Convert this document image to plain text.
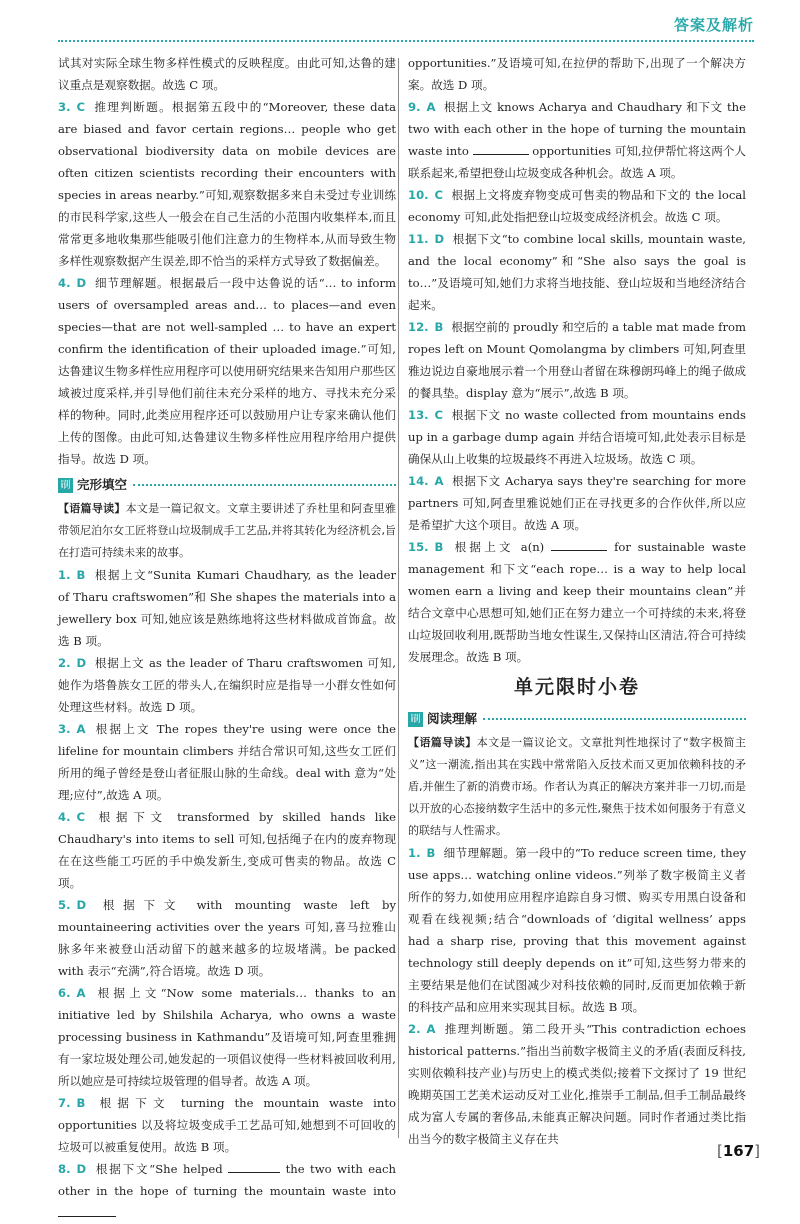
答案及解析

试其对实际全球生物多样性模式的反映程度。由此可知,达鲁的建议重点是观察数据。故选 C 项。

3. C 推理判断题。根据第五段中的“Moreover, these data are biased and favor certain regions… people who get observational biodiversity data on mobile devices are often citizen scientists recording their encounters with species in areas nearby.”可知,观察数据多来自未受过专业训练的市民科学家,这些人一般会在自己生活的小范围内收集样本,而且常常更多地收集那些能吸引他们注意力的生物样本,从而导致生物多样性观察数据产生误差,即不恰当的采样方式导致了数据偏差。

4. D 细节理解题。根据最后一段中达鲁说的话“… to inform users of oversampled areas and… to places—and even species—that are not well-sampled … to have an expert confirm the identification of their uploaded image.”可知,达鲁建议生物多样性应用程序可以使用研究结果来告知用户那些区域被过度采样,并引导他们前往未充分采样的地方、寻找未充分采样的物种。同时,此类应用程序还可以鼓励用户让专家来确认他们上传的图像。由此可知,达鲁建议生物多样性应用程序给用户提供指导。故选 D 项。

刷 完形填空

【语篇导读】本文是一篇记叙文。文章主要讲述了乔杜里和阿查里雅带领尼泊尔女工匠将登山垃圾制成手工艺品,并将其转化为经济机会,旨在打造可持续未来的故事。

1. B 根据上文“Sunita Kumari Chaudhary, as the leader of Tharu craftswomen”和 She shapes the materials into a jewellery box 可知,她应该是熟练地将这些材料做成首饰盒。故选 B 项。

2. D 根据上文 as the leader of Tharu craftswomen 可知,她作为塔鲁族女工匠的带头人,在编织时应是指导一小群女性如何处理这些材料。故选 D 项。

3. A 根据上文 The ropes they're using were once the lifeline for mountain climbers 并结合常识可知,这些女工匠们所用的绳子曾经是登山者征服山脉的生命线。deal with 意为“处理;应付”,故选 A 项。

4. C 根据下文 transformed by skilled hands like Chaudhary's into items to sell 可知,包括绳子在内的废弃物现在在这些能工巧匠的手中焕发新生,变成可售卖的物品。故选 C 项。

5. D 根据下文 with mounting waste left by mountaineering activities over the years 可知,喜马拉雅山脉多年来被登山活动留下的越来越多的垃圾堵满。be packed with 表示“充满”,符合语境。故选 D 项。

6. A 根据上文“Now some materials… thanks to an initiative led by Shilshila Acharya, who owns a waste processing business in Kathmandu”及语境可知,阿查里雅拥有一家垃圾处理公司,她发起的一项倡议使得一些材料被回收利用,所以她应是可持续垃圾管理的倡导者。故选 A 项。

7. B 根据下文 turning the mountain waste into opportunities 以及将垃圾变成手工艺品可知,她想到不可回收的垃圾可以被重复使用。故选 B 项。

8. D 根据下文“She helped	the two with each other in the hope of turning the mountain waste into

opportunities.”及语境可知,在拉伊的帮助下,出现了一个解决方案。故选 D 项。

9. A 根据上文 knows Acharya and Chaudhary 和下文 the two with each other in the hope of turning the mountain waste into	opportunities 可知,拉伊帮忙将这两个人联系起来,希望把登山垃圾变成各种机会。故选 A 项。

10. C 根据上文将废弃物变成可售卖的物品和下文的 the local economy 可知,此处指把登山垃圾变成经济机会。故选 C 项。

11. D 根据下文“to combine local skills, mountain waste, and the local economy”和“She also says the goal is to…”及语境可知,她们力求将当地技能、登山垃圾和当地经济结合起来。

12. B 根据空前的 proudly 和空后的 a table mat made from ropes left on Mount Qomolangma by climbers 可知,阿查里雅边说边自豪地展示着一个用登山者留在珠穆朗玛峰上的绳子做成的餐具垫。display 意为“展示”,故选 B 项。

13. C 根据下文 no waste collected from mountains ends up in a garbage dump again 并结合语境可知,此处表示目标是确保从山上收集的垃圾最终不再进入垃圾场。故选 C 项。

14. A 根据下文 Acharya says they're searching for more partners 可知,阿查里雅说她们正在寻找更多的合作伙伴,所以应是希望扩大这个项目。故选 A 项。

15. B 根据上文 a(n)	for sustainable waste management 和下文“each rope… is a way to help local women earn a living and keep their mountains clean”并结合文章中心思想可知,她们正在努力建立一个可持续的未来,将登山垃圾回收利用,既帮助当地女性谋生,又保持山区清洁,符合可持续发展理念。故选 B 项。

单元限时小卷
刷 阅读理解

【语篇导读】本文是一篇议论文。文章批判性地探讨了“数字极简主义”这一潮流,指出其在实践中常常陷入反技术而又更加依赖科技的矛盾,并催生了新的消费市场。作者认为真正的解决方案并非一刀切,而是以开放的心态接纳数字生活中的多元性,聚焦于技术如何服务于有意义的联结与人性需求。

1. B 细节理解题。第一段中的“To reduce screen time, they use apps… watching online videos.”列举了数字极简主义者所作的努力,如使用应用程序追踪自身习惯、购买专用黑白设备和观看在线视频;结合“downloads of ‘digital wellness’ apps had a sharp rise, proving that this movement against technology still deeply depends on it”可知,这些努力带来的主要结果是他们在试图减少对科技依赖的同时,反而更加依赖于新的科技产品和应用来实现其目标。故选 B 项。

2. A 推理判断题。第二段开头“This contradiction echoes historical patterns.”指出当前数字极简主义的矛盾(表面反科技,实则依赖科技产业)与历史上的模式类似;接着下文探讨了 19 世纪晚期英国工艺美术运动反对工业化,推崇手工制品,但手工制品最终成为富人专属的奢侈品,未能真正解决问题。同时作者通过类比指出当今的数字极简主义存在共

[167]
